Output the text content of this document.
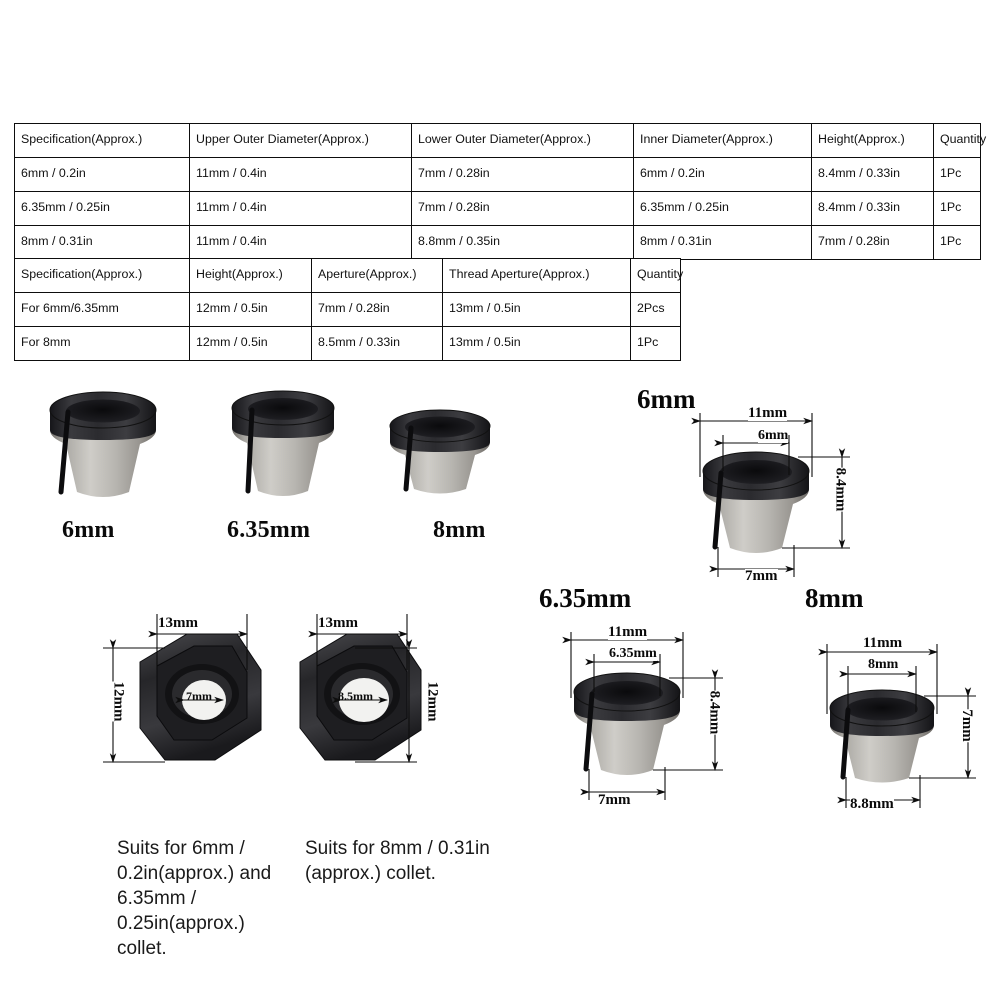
Specification(Approx.)	Upper Outer Diameter(Approx.)	Lower Outer Diameter(Approx.)	Inner Diameter(Approx.)	Height(Approx.)	Quantity
6mm / 0.2in	11mm / 0.4in	7mm / 0.28in	6mm / 0.2in	8.4mm / 0.33in	1Pc
6.35mm / 0.25in	11mm / 0.4in	7mm / 0.28in	6.35mm / 0.25in	8.4mm / 0.33in	1Pc
8mm / 0.31in	11mm / 0.4in	8.8mm / 0.35in	8mm / 0.31in	7mm / 0.28in	1Pc
Specification(Approx.)	Height(Approx.)	Aperture(Approx.)	Thread Aperture(Approx.)	Quantity
For 6mm/6.35mm	12mm / 0.5in	7mm / 0.28in	13mm / 0.5in	2Pcs
For 8mm	12mm / 0.5in	8.5mm / 0.33in	13mm / 0.5in	1Pc
6mm	6.35mm	8mm
6mm	11mm
6mm
8.4mm
7mm
6.35mm
11mm
6.35mm
8.4mm
7mm
8mm
11mm
8mm
7mm
8.8mm
13mm
12mm	7mm
13mm
12mm
8.5mm
Suits for 6mm / 0.2in(approx.) and 6.35mm / 0.25in(approx.) collet.
Suits for 8mm / 0.31in (approx.) collet.
